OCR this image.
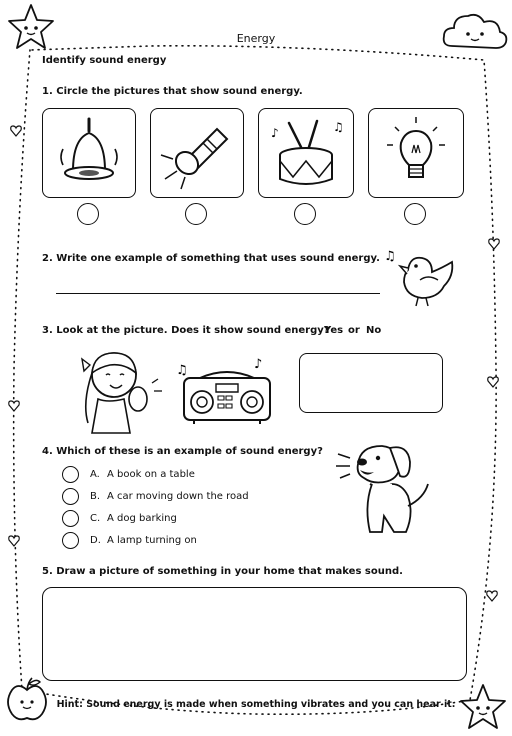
Energy
Identify sound energy
1. Circle the pictures that show sound energy.
♪	♫
2. Write one example of something that uses sound energy. ♫
3. Look at the picture. Does it show sound energy?
Yes or No
♫	♪
4. Which of these is an example of sound energy?
A. A book on a table
B. A car moving down the road
C. A dog barking
D. A lamp turning on
5. Draw a picture of something in your home that makes sound.
Hint: Sound energy is made when something vibrates and you can hear it.
